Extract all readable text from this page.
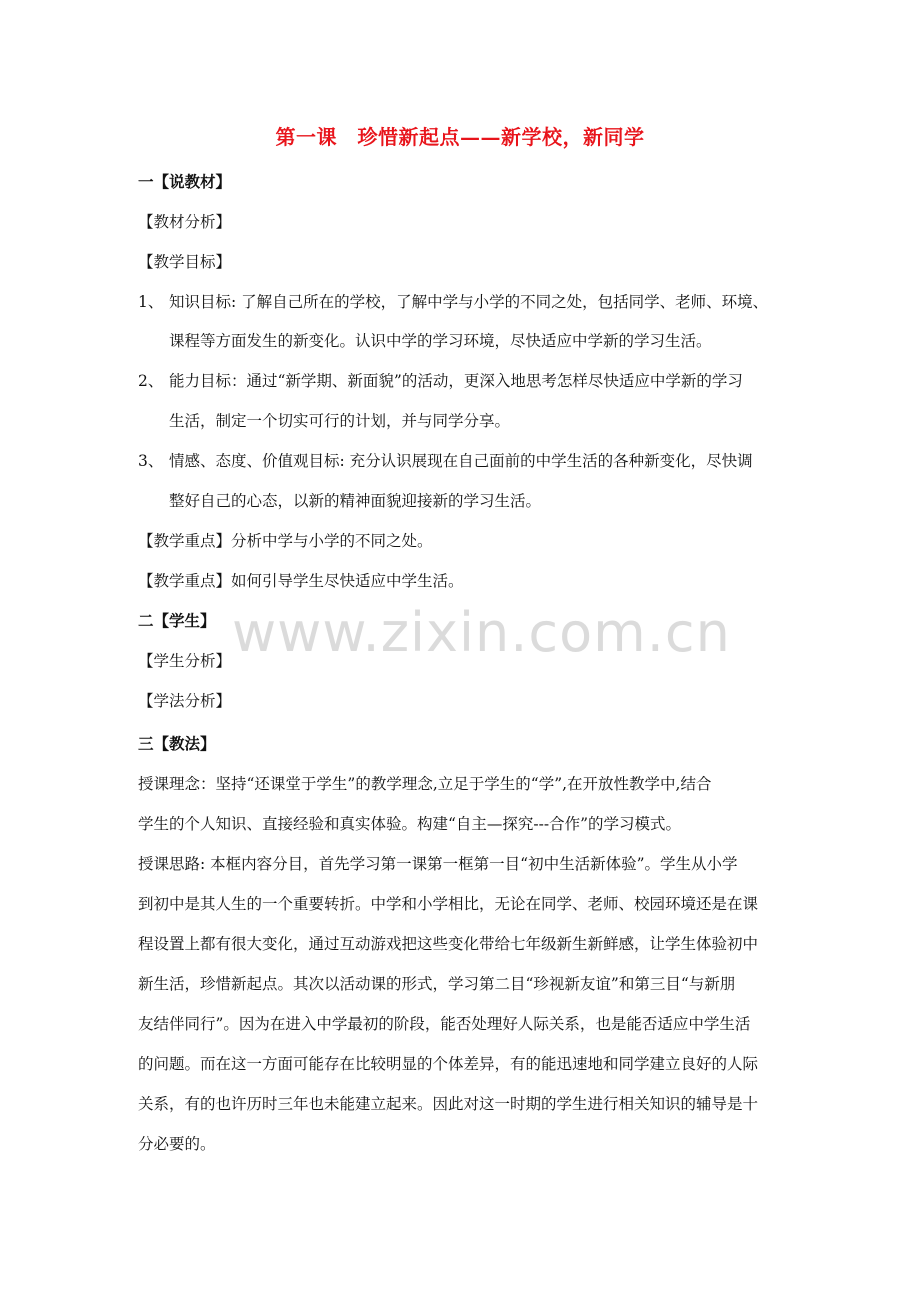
www.zixin.com.cn
第一课　珍惜新起点——新学校，新同学
一【说教材】
【教材分析】
【教学目标】
1、 知识目标: 了解自己所在的学校，了解中学与小学的不同之处，包括同学、老师、环境、
课程等方面发生的新变化。认识中学的学习环境，尽快适应中学新的学习生活。
2、 能力目标：通过“新学期、新面貌”的活动，更深入地思考怎样尽快适应中学新的学习
生活，制定一个切实可行的计划，并与同学分享。
3、 情感、态度、价值观目标: 充分认识展现在自己面前的中学生活的各种新变化，尽快调
整好自己的心态，以新的精神面貌迎接新的学习生活。
【教学重点】分析中学与小学的不同之处。
【教学重点】如何引导学生尽快适应中学生活。
二【学生】
【学生分析】
【学法分析】
三【教法】
授课理念：坚持“还课堂于学生”的教学理念,立足于学生的“学”,在开放性教学中,结合
学生的个人知识、直接经验和真实体验。构建“自主—探究---合作”的学习模式。
授课思路: 本框内容分目，首先学习第一课第一框第一目“初中生活新体验”。学生从小学
到初中是其人生的一个重要转折。中学和小学相比，无论在同学、老师、校园环境还是在课
程设置上都有很大变化，通过互动游戏把这些变化带给七年级新生新鲜感，让学生体验初中
新生活，珍惜新起点。其次以活动课的形式，学习第二目“珍视新友谊”和第三目“与新朋
友结伴同行”。因为在进入中学最初的阶段，能否处理好人际关系，也是能否适应中学生活
的问题。而在这一方面可能存在比较明显的个体差异，有的能迅速地和同学建立良好的人际
关系，有的也许历时三年也未能建立起来。因此对这一时期的学生进行相关知识的辅导是十
分必要的。
